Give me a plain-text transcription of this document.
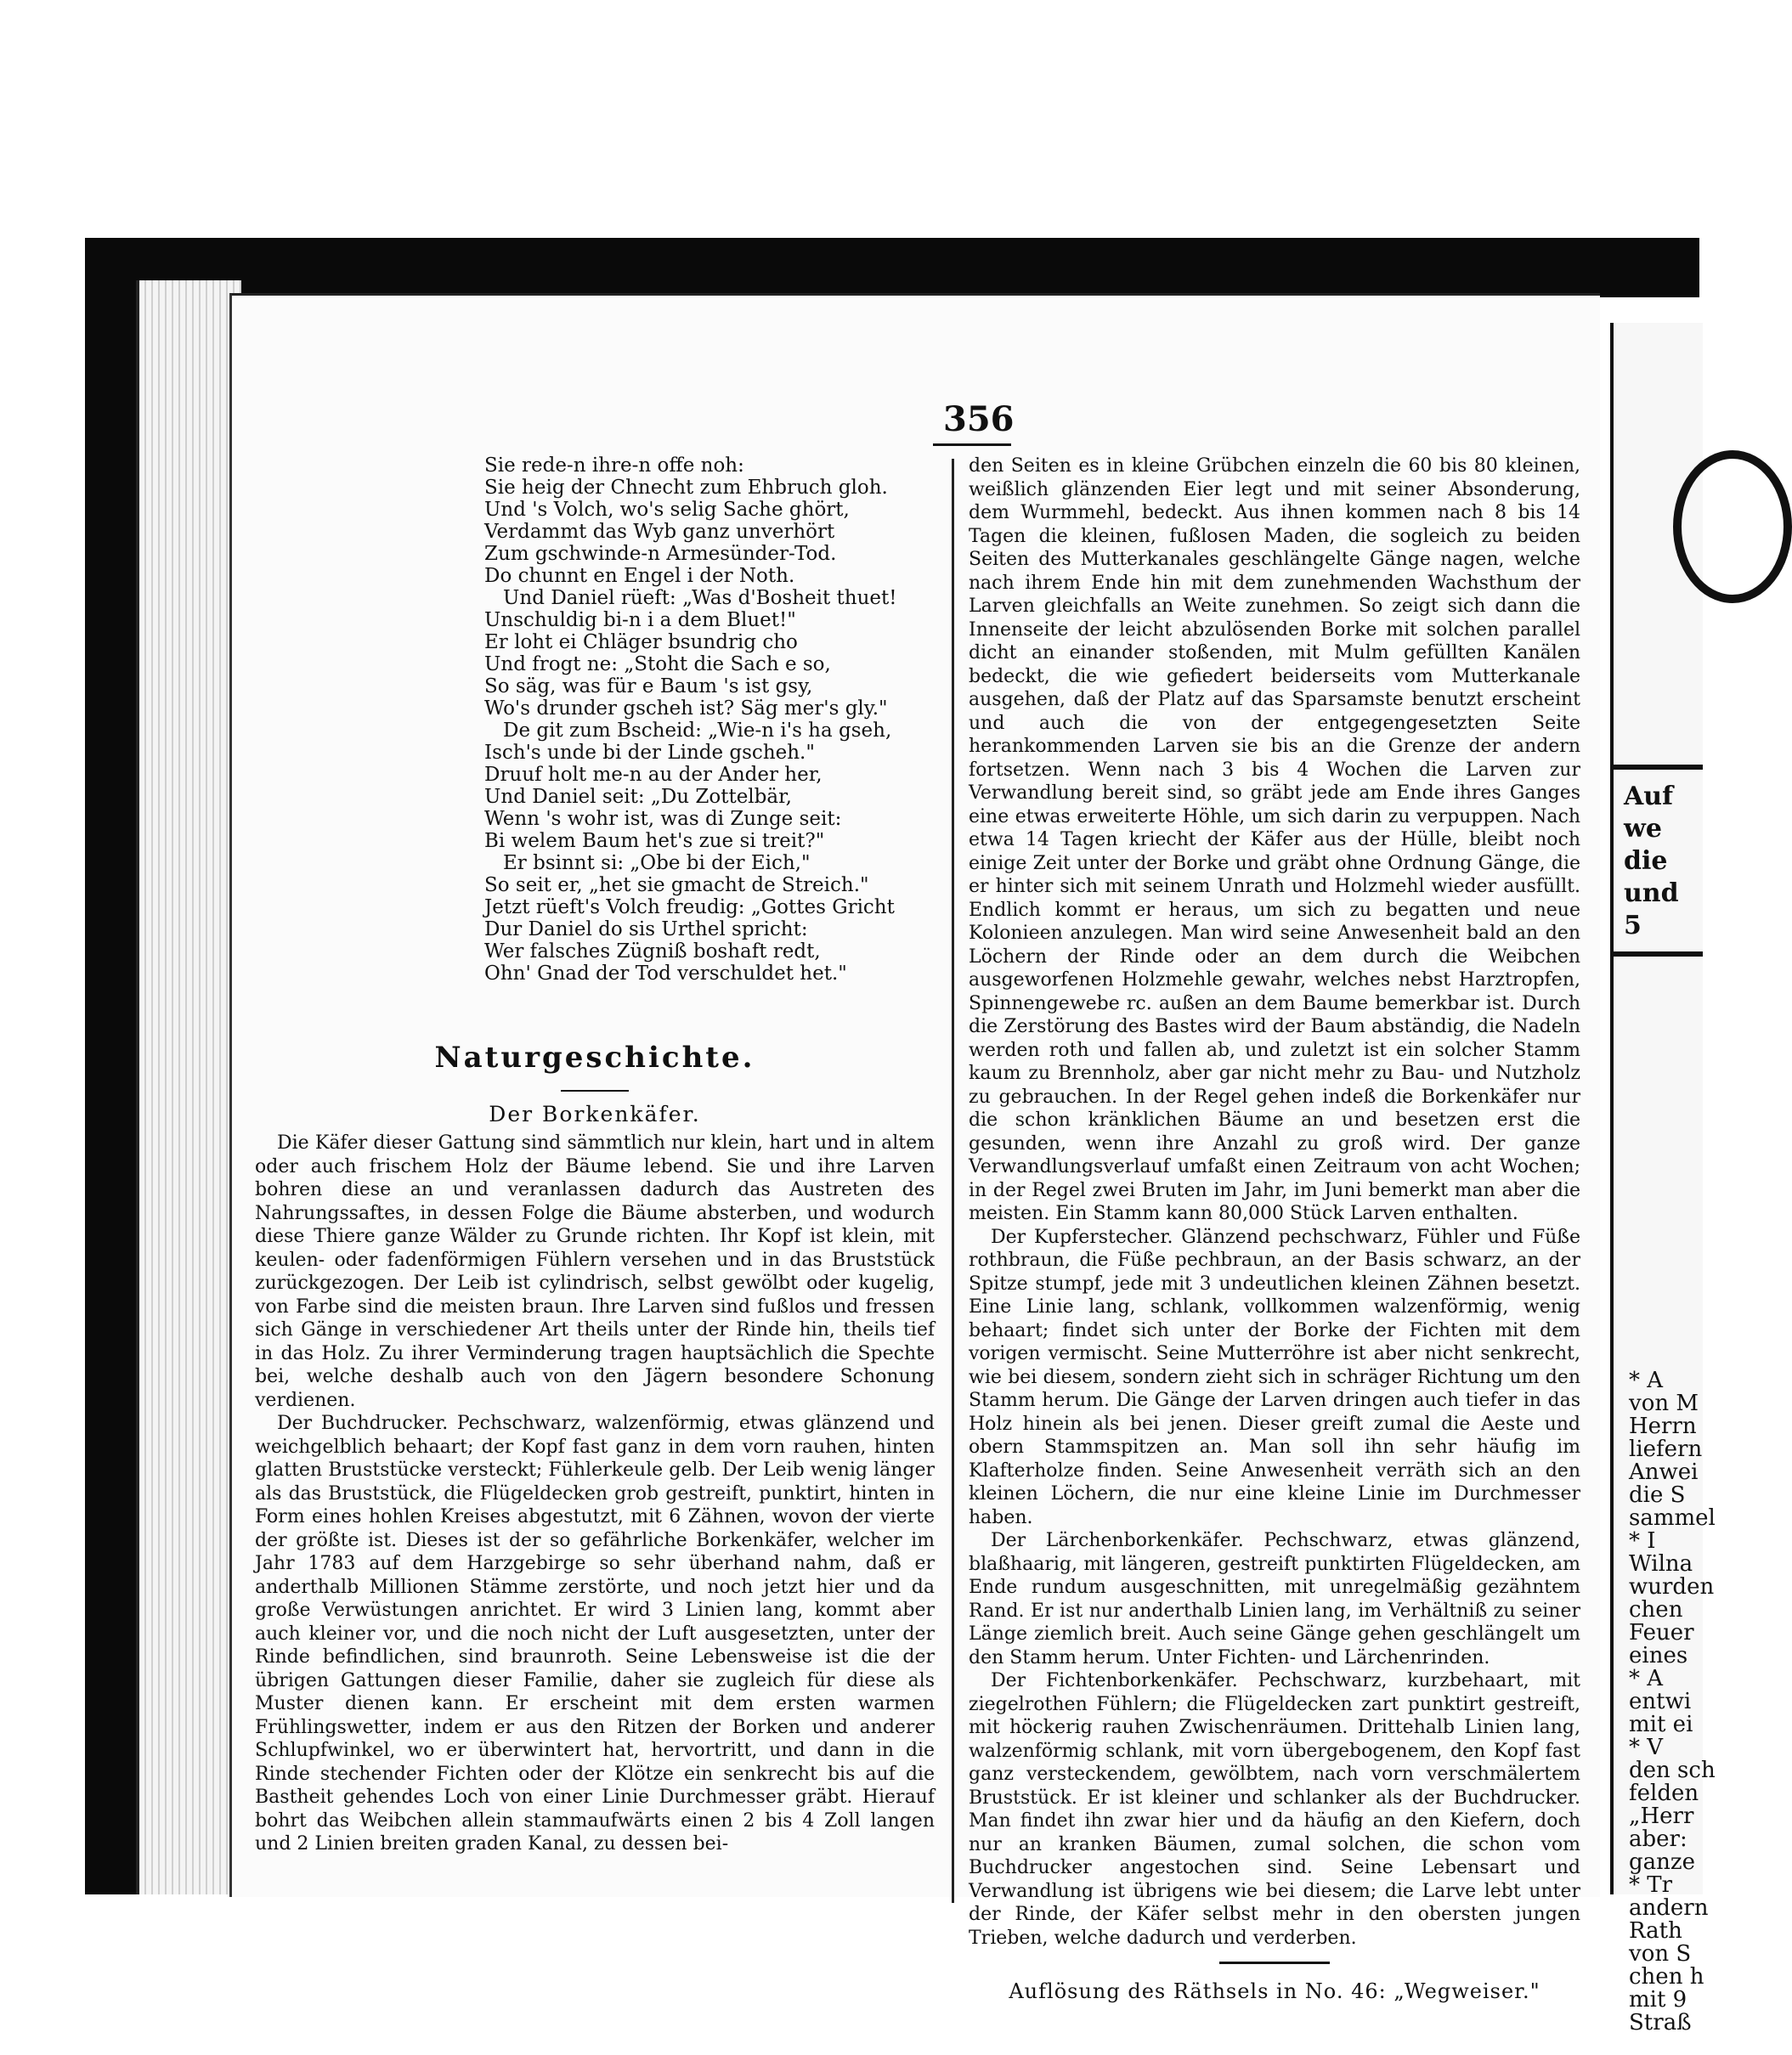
Auf
we
die
und
5
* A
von M
Herrn
liefern
Anwei
die S
sammel
* I
Wilna
wurden
chen
Feuer
eines
* A
entwi
mit ei
* V
den sch
felden
„Herr
aber:
ganze
* Tr
andern
Rath
von S
chen h
mit 9
Straß
356

Sie rede-n ihre-n offe noh:

Sie heig der Chnecht zum Ehbruch gloh.

Und 's Volch, wo's selig Sache ghört,

Verdammt das Wyb ganz unverhört

Zum gschwinde-n Armesünder-Tod.

Do chunnt en Engel i der Noth.

Und Daniel rüeft: „Was d'Bosheit thuet!

Unschuldig bi-n i a dem Bluet!"

Er loht ei Chläger bsundrig cho

Und frogt ne: „Stoht die Sach e so,

So säg, was für e Baum 's ist gsy,

Wo's drunder gscheh ist? Säg mer's gly."

De git zum Bscheid: „Wie-n i's ha gseh,

Isch's unde bi der Linde gscheh."

Druuf holt me-n au der Ander her,

Und Daniel seit: „Du Zottelbär,

Wenn 's wohr ist, was di Zunge seit:

Bi welem Baum het's zue si treit?"

Er bsinnt si: „Obe bi der Eich,"

So seit er, „het sie gmacht de Streich."

Jetzt rüeft's Volch freudig: „Gottes Gricht

Dur Daniel do sis Urthel spricht:

Wer falsches Zügniß boshaft redt,

Ohn' Gnad der Tod verschuldet het."

Naturgeschichte.
Der Borkenkäfer.

Die Käfer dieser Gattung sind sämmtlich nur klein, hart und in altem oder auch frischem Holz der Bäume lebend. Sie und ihre Larven bohren diese an und veranlassen dadurch das Austreten des Nahrungssaftes, in dessen Folge die Bäume absterben, und wodurch diese Thiere ganze Wälder zu Grunde richten. Ihr Kopf ist klein, mit keulen- oder fadenförmigen Fühlern versehen und in das Bruststück zurückgezogen. Der Leib ist cylindrisch, selbst gewölbt oder kugelig, von Farbe sind die meisten braun. Ihre Larven sind fußlos und fressen sich Gänge in verschiedener Art theils unter der Rinde hin, theils tief in das Holz. Zu ihrer Verminderung tragen hauptsächlich die Spechte bei, welche deshalb auch von den Jägern besondere Schonung verdienen.

Der Buchdrucker. Pechschwarz, walzenförmig, etwas glänzend und weichgelblich behaart; der Kopf fast ganz in dem vorn rauhen, hinten glatten Bruststücke versteckt; Fühlerkeule gelb. Der Leib wenig länger als das Bruststück, die Flügeldecken grob gestreift, punktirt, hinten in Form eines hohlen Kreises abgestutzt, mit 6 Zähnen, wovon der vierte der größte ist. Dieses ist der so gefährliche Borkenkäfer, welcher im Jahr 1783 auf dem Harzgebirge so sehr überhand nahm, daß er anderthalb Millionen Stämme zerstörte, und noch jetzt hier und da große Verwüstungen anrichtet. Er wird 3 Linien lang, kommt aber auch kleiner vor, und die noch nicht der Luft ausgesetzten, unter der Rinde befindlichen, sind braunroth. Seine Lebensweise ist die der übrigen Gattungen dieser Familie, daher sie zugleich für diese als Muster dienen kann. Er erscheint mit dem ersten warmen Frühlingswetter, indem er aus den Ritzen der Borken und anderer Schlupfwinkel, wo er überwintert hat, hervortritt, und dann in die Rinde stechender Fichten oder der Klötze ein senkrecht bis auf die Bastheit gehendes Loch von einer Linie Durchmesser gräbt. Hierauf bohrt das Weibchen allein stammaufwärts einen 2 bis 4 Zoll langen und 2 Linien breiten graden Kanal, zu dessen bei-

den Seiten es in kleine Grübchen einzeln die 60 bis 80 kleinen, weißlich glänzenden Eier legt und mit seiner Absonderung, dem Wurmmehl, bedeckt. Aus ihnen kommen nach 8 bis 14 Tagen die kleinen, fußlosen Maden, die sogleich zu beiden Seiten des Mutterkanales geschlängelte Gänge nagen, welche nach ihrem Ende hin mit dem zunehmenden Wachsthum der Larven gleichfalls an Weite zunehmen. So zeigt sich dann die Innenseite der leicht abzulösenden Borke mit solchen parallel dicht an einander stoßenden, mit Mulm gefüllten Kanälen bedeckt, die wie gefiedert beiderseits vom Mutterkanale ausgehen, daß der Platz auf das Sparsamste benutzt erscheint und auch die von der entgegengesetzten Seite herankommenden Larven sie bis an die Grenze der andern fortsetzen. Wenn nach 3 bis 4 Wochen die Larven zur Verwandlung bereit sind, so gräbt jede am Ende ihres Ganges eine etwas erweiterte Höhle, um sich darin zu verpuppen. Nach etwa 14 Tagen kriecht der Käfer aus der Hülle, bleibt noch einige Zeit unter der Borke und gräbt ohne Ordnung Gänge, die er hinter sich mit seinem Unrath und Holzmehl wieder ausfüllt. Endlich kommt er heraus, um sich zu begatten und neue Kolonieen anzulegen. Man wird seine Anwesenheit bald an den Löchern der Rinde oder an dem durch die Weibchen ausgeworfenen Holzmehle gewahr, welches nebst Harztropfen, Spinnengewebe rc. außen an dem Baume bemerkbar ist. Durch die Zerstörung des Bastes wird der Baum abständig, die Nadeln werden roth und fallen ab, und zuletzt ist ein solcher Stamm kaum zu Brennholz, aber gar nicht mehr zu Bau- und Nutzholz zu gebrauchen. In der Regel gehen indeß die Borkenkäfer nur die schon kränklichen Bäume an und besetzen erst die gesunden, wenn ihre Anzahl zu groß wird. Der ganze Verwandlungsverlauf umfaßt einen Zeitraum von acht Wochen; in der Regel zwei Bruten im Jahr, im Juni bemerkt man aber die meisten. Ein Stamm kann 80,000 Stück Larven enthalten.

Der Kupferstecher. Glänzend pechschwarz, Fühler und Füße rothbraun, die Füße pechbraun, an der Basis schwarz, an der Spitze stumpf, jede mit 3 undeutlichen kleinen Zähnen besetzt. Eine Linie lang, schlank, vollkommen walzenförmig, wenig behaart; findet sich unter der Borke der Fichten mit dem vorigen vermischt. Seine Mutterröhre ist aber nicht senkrecht, wie bei diesem, sondern zieht sich in schräger Richtung um den Stamm herum. Die Gänge der Larven dringen auch tiefer in das Holz hinein als bei jenen. Dieser greift zumal die Aeste und obern Stammspitzen an. Man soll ihn sehr häufig im Klafterholze finden. Seine Anwesenheit verräth sich an den kleinen Löchern, die nur eine kleine Linie im Durchmesser haben.

Der Lärchenborkenkäfer. Pechschwarz, etwas glänzend, blaßhaarig, mit längeren, gestreift punktirten Flügeldecken, am Ende rundum ausgeschnitten, mit unregelmäßig gezähntem Rand. Er ist nur anderthalb Linien lang, im Verhältniß zu seiner Länge ziemlich breit. Auch seine Gänge gehen geschlängelt um den Stamm herum. Unter Fichten- und Lärchenrinden.

Der Fichtenborkenkäfer. Pechschwarz, kurzbehaart, mit ziegelrothen Fühlern; die Flügeldecken zart punktirt gestreift, mit höckerig rauhen Zwischenräumen. Drittehalb Linien lang, walzenförmig schlank, mit vorn übergebogenem, den Kopf fast ganz versteckendem, gewölbtem, nach vorn verschmälertem Bruststück. Er ist kleiner und schlanker als der Buchdrucker. Man findet ihn zwar hier und da häufig an den Kiefern, doch nur an kranken Bäumen, zumal solchen, die schon vom Buchdrucker angestochen sind. Seine Lebensart und Verwandlung ist übrigens wie bei diesem; die Larve lebt unter der Rinde, der Käfer selbst mehr in den obersten jungen Trieben, welche dadurch und verderben.

Auflösung des Räthsels in No. 46: „Wegweiser."
